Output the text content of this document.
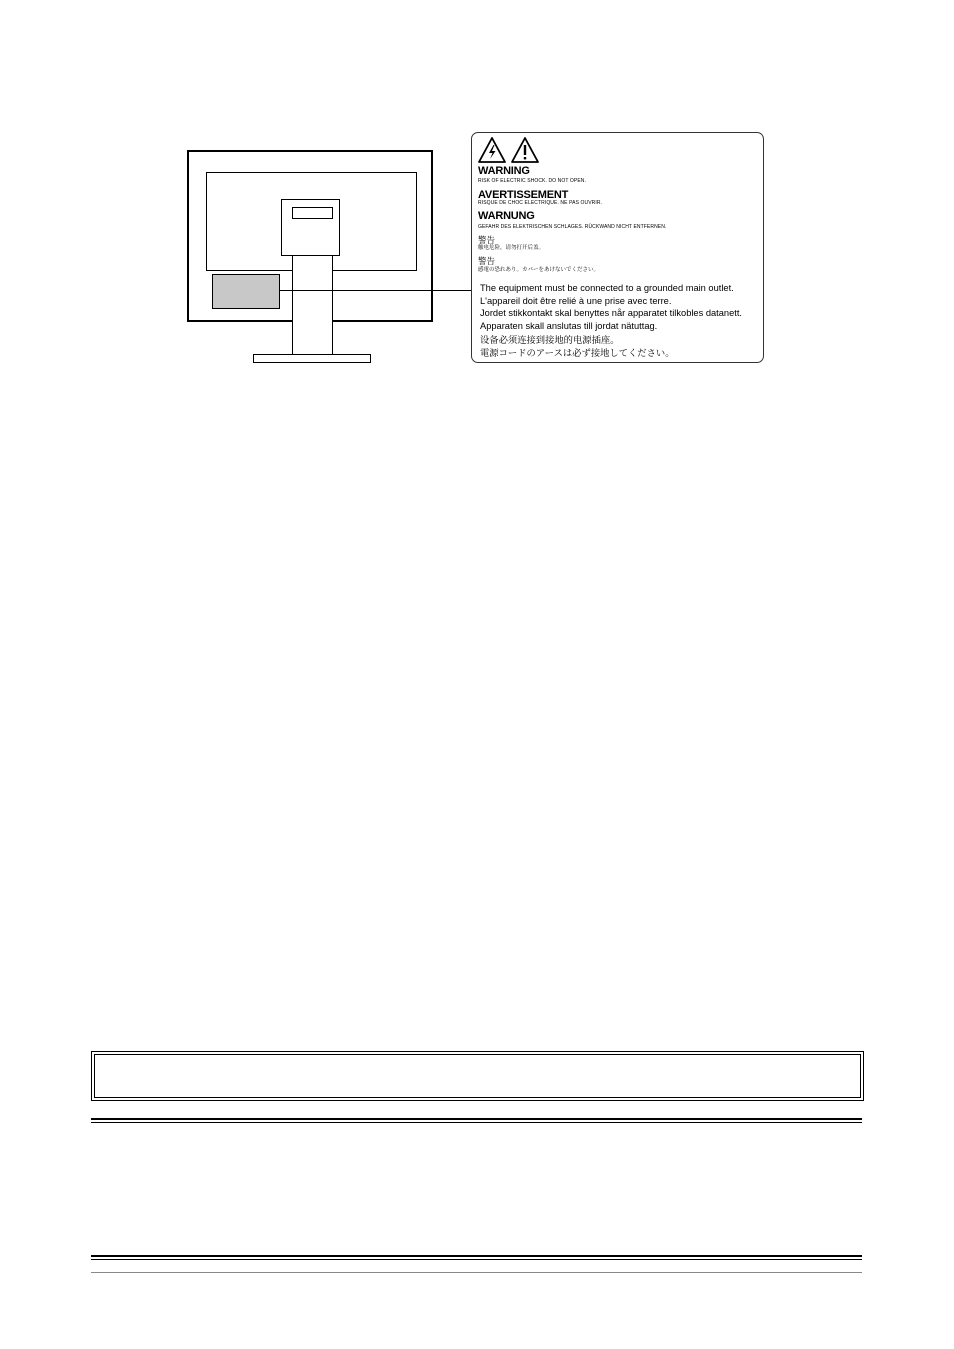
WARNING
RISK OF ELECTRIC SHOCK. DO NOT OPEN.
AVERTISSEMENT
RISQUE DE CHOC ELECTRIQUE. NE PAS OUVRIR.
WARNUNG
GEFAHR DES ELEKTRISCHEN SCHLAGES. RÜCKWAND NICHT ENTFERNEN.
警告
触电危险，请勿打开后盖。
警告
感電の恐れあり。カバーをあけないでください。
The equipment must be connected to a grounded main outlet.
L'appareil doit être relié à une prise avec terre.
Jordet stikkontakt skal benyttes når apparatet tilkobles datanett.
Apparaten skall anslutas till jordat nätuttag.
设备必须连接到接地的电源插座。
電源コードのアースは必ず接地してください。
